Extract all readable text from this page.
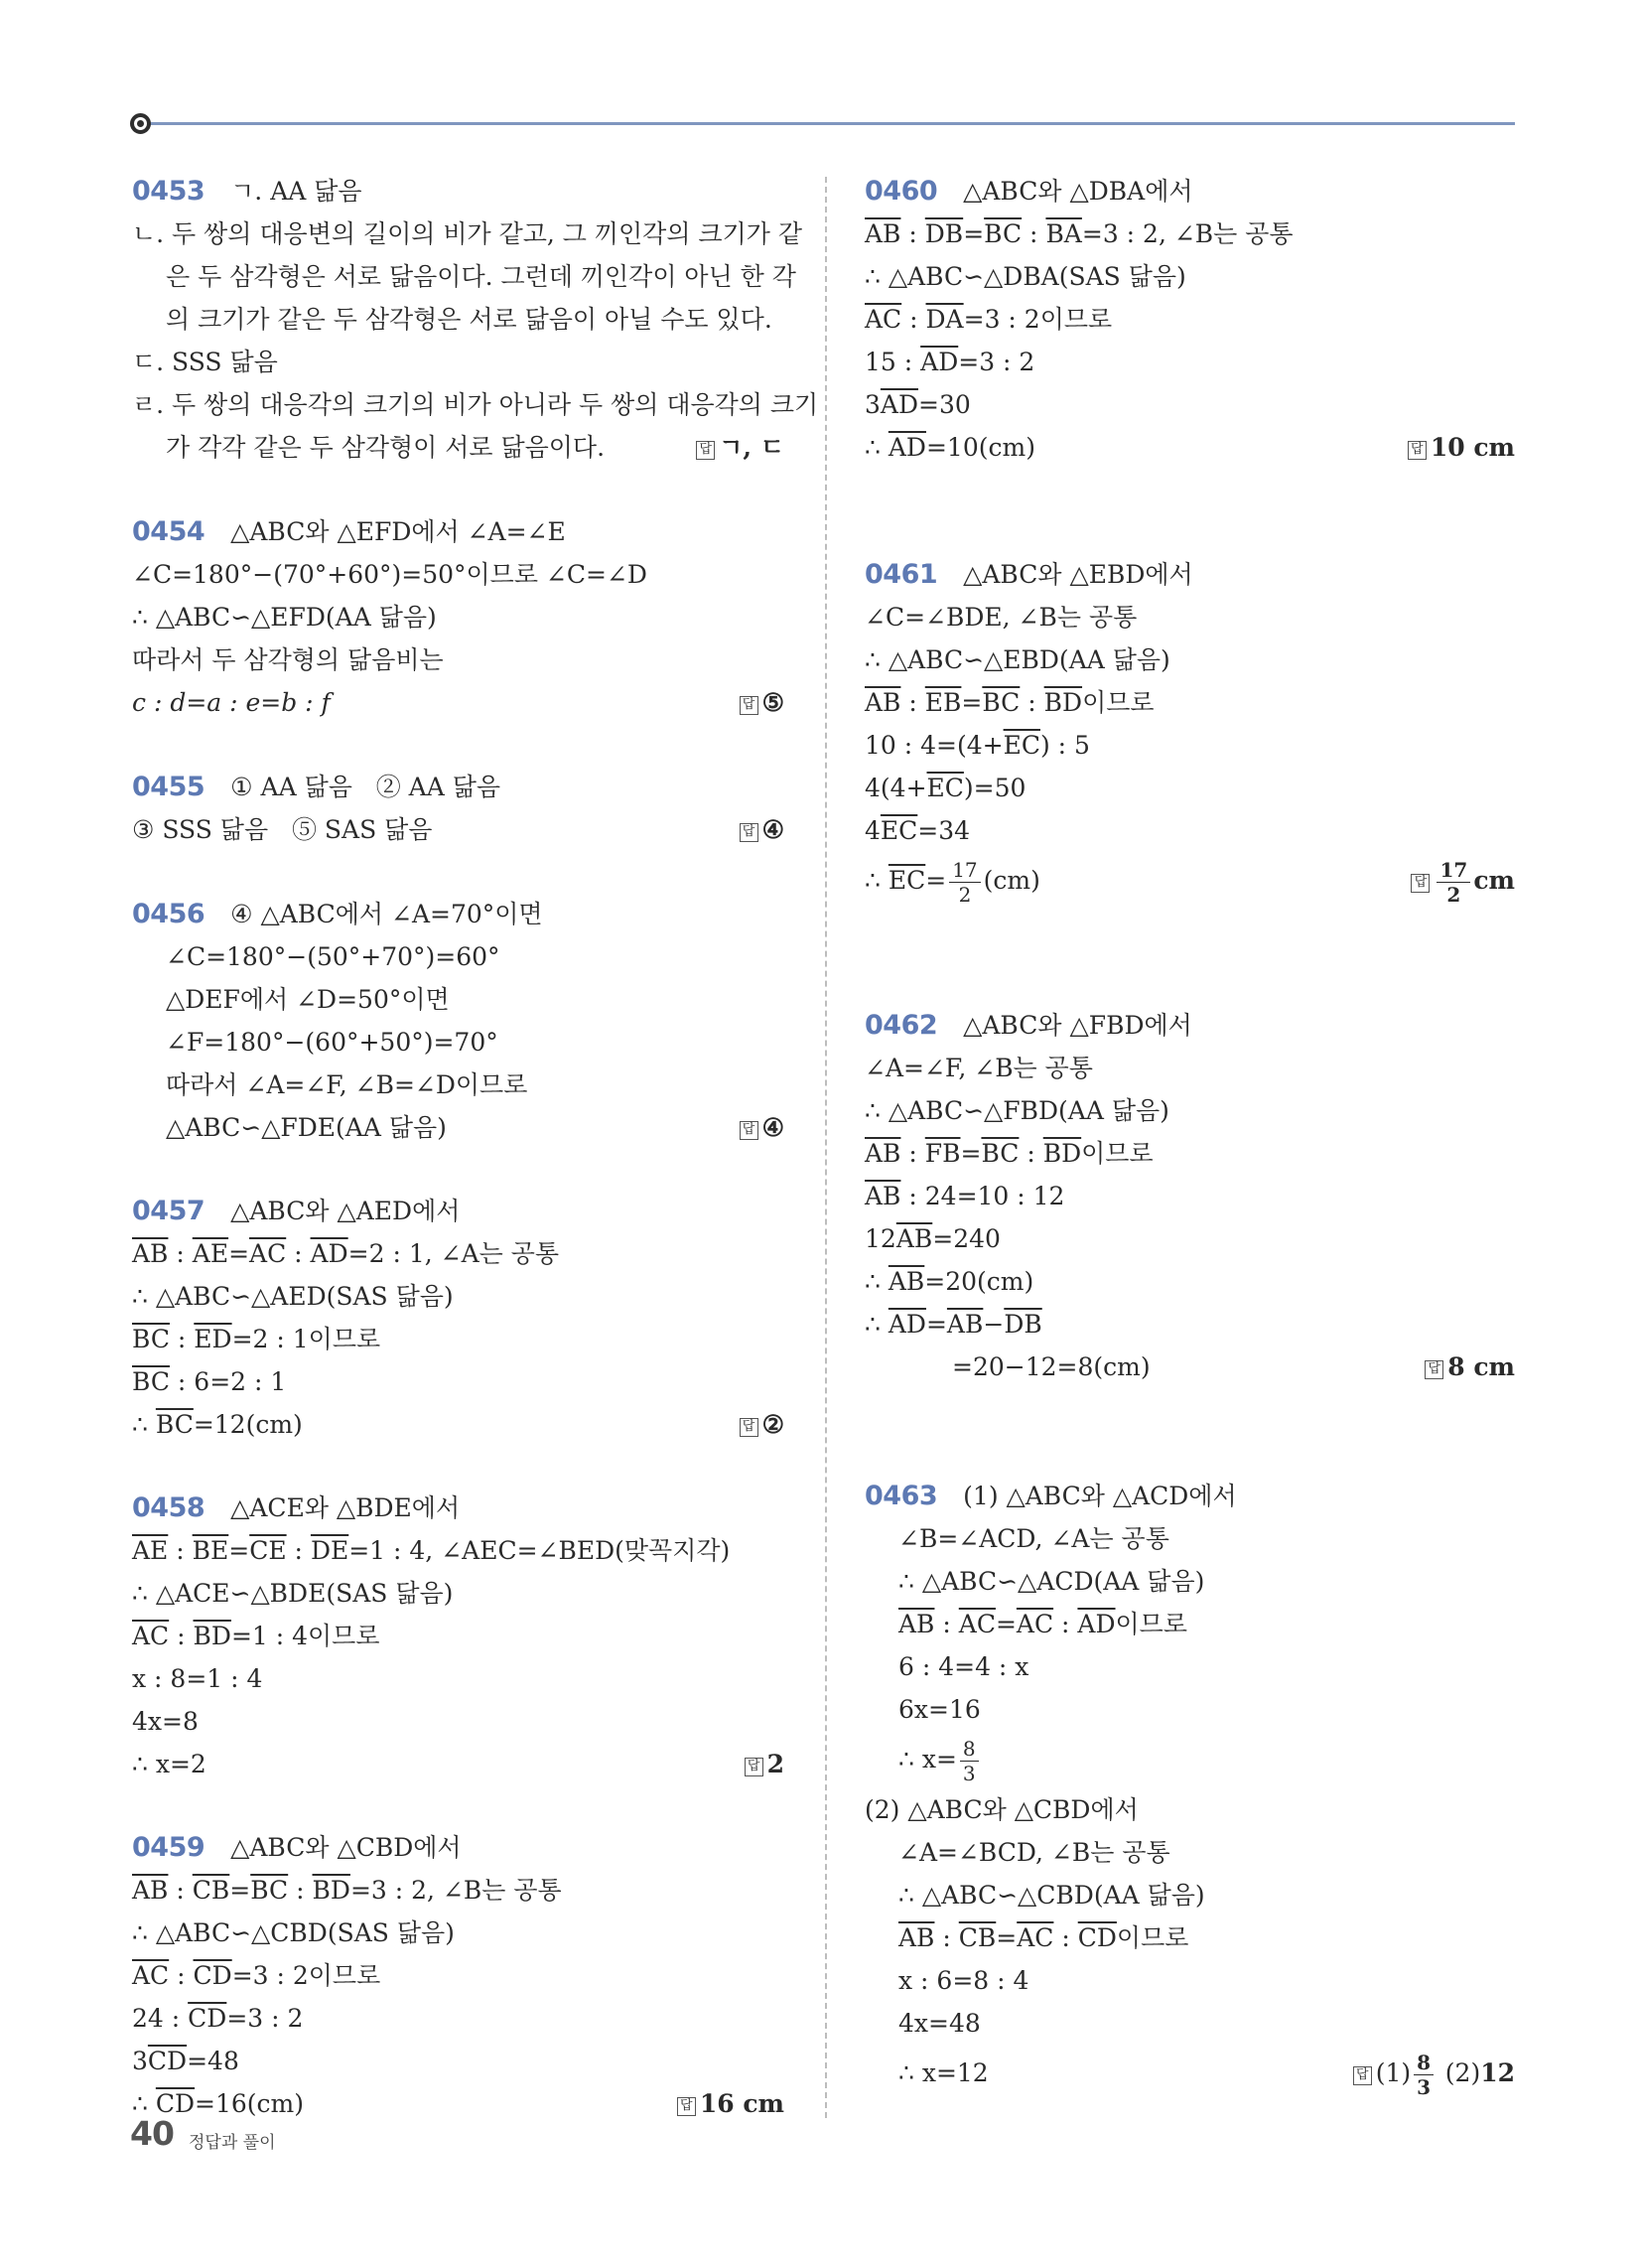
0453 ㄱ. AA 닮음
ㄴ. 두 쌍의 대응변의 길이의 비가 같고, 그 끼인각의 크기가 같
은 두 삼각형은 서로 닮음이다. 그런데 끼인각이 아닌 한 각
의 크기가 같은 두 삼각형은 서로 닮음이 아닐 수도 있다.
ㄷ. SSS 닮음
ㄹ. 두 쌍의 대응각의 크기의 비가 아니라 두 쌍의 대응각의 크기
가 각각 같은 두 삼각형이 서로 닮음이다.	답 ㄱ, ㄷ
0454 △ABC와 △EFD에서 ∠A=∠E
∠C=180°−(70°+60°)=50°이므로 ∠C=∠D
∴ △ABC∽△EFD(AA 닮음)
따라서 두 삼각형의 닮음비는
c : d=a : e=b : f	답 ⑤
0455 ① AA 닮음   ② AA 닮음
③ SSS 닮음   ⑤ SAS 닮음	답 ④
0456 ④ △ABC에서 ∠A=70°이면
∠C=180°−(50°+70°)=60°
△DEF에서 ∠D=50°이면
∠F=180°−(60°+50°)=70°
따라서 ∠A=∠F, ∠B=∠D이므로
△ABC∽△FDE(AA 닮음)	답 ④
0457 △ABC와 △AED에서
$\overline{AB}$ : $\overline{AE}=\overline{AC}$ : $\overline{AD}=2$ : 1, ∠A는 공통
∴ △ABC∽△AED(SAS 닮음)
$\overline{BC}$ : $\overline{ED}=2$ : 1이므로
$\overline{BC}$ : 6=2 : 1
∴ $\overline{BC}=12(cm)$	답 ②
0458 △ACE와 △BDE에서
$\overline{AE}$ : $\overline{BE}=\overline{CE}$ : $\overline{DE}=1$ : 4, ∠AEC=∠BED(맞꼭지각)
∴ △ACE∽△BDE(SAS 닮음)
$\overline{AC}$ : $\overline{BD}=1$ : 4이므로
x : 8=1 : 4
4x=8
∴ x=2	답 2
0459 △ABC와 △CBD에서
$\overline{AB}$ : $\overline{CB}=\overline{BC}$ : $\overline{BD}=3$ : 2, ∠B는 공통
∴ △ABC∽△CBD(SAS 닮음)
$\overline{AC}$ : $\overline{CD}=3$ : 2이므로
24 : $\overline{CD}=3$ : 2
$3\overline{CD}=48$
∴ $\overline{CD}=16(cm)$	답 16 cm
0460 △ABC와 △DBA에서
$\overline{AB}$ : $\overline{DB}=\overline{BC}$ : $\overline{BA}=3$ : 2, ∠B는 공통
∴ △ABC∽△DBA(SAS 닮음)
$\overline{AC}$ : $\overline{DA}=3$ : 2이므로
15 : $\overline{AD}=3$ : 2
$3\overline{AD}=30$
∴ $\overline{AD}=10(cm)$	답 10 cm
0461 △ABC와 △EBD에서
∠C=∠BDE, ∠B는 공통
∴ △ABC∽△EBD(AA 닮음)
$\overline{AB}$ : $\overline{EB}=\overline{BC}$ : $\overline{BD}$이므로
10 : $4=(4+\overline{EC})$ : 5
$4(4+\overline{EC})=50$
$4\overline{EC}=34$
∴ $\overline{EC}= \frac{17}{2} (cm)$	답 $\frac{17}{2}$ cm
0462 △ABC와 △FBD에서
∠A=∠F, ∠B는 공통
∴ △ABC∽△FBD(AA 닮음)
$\overline{AB}$ : $\overline{FB}=\overline{BC}$ : $\overline{BD}$이므로
$\overline{AB}$ : 24=10 : 12
$12\overline{AB}=240$
∴ $\overline{AB}=20(cm)$
∴ $\overline{AD}=\overline{AB}-\overline{DB}$
=20−12=8(cm)	답 8 cm
0463 (1) △ABC와 △ACD에서
∠B=∠ACD, ∠A는 공통
∴ △ABC∽△ACD(AA 닮음)
$\overline{AB}$ : $\overline{AC}=\overline{AC}$ : $\overline{AD}$이므로
6 : 4=4 : x
6x=16
∴ $x= \frac{8}{3}$
(2) △ABC와 △CBD에서
∠A=∠BCD, ∠B는 공통
∴ △ABC∽△CBD(AA 닮음)
$\overline{AB}$ : $\overline{CB}=\overline{AC}$ : $\overline{CD}$이므로
x : 6=8 : 4
4x=48
∴ x=12	답 $(1) \frac{8}{3} (2)12$
40 정답과 풀이
